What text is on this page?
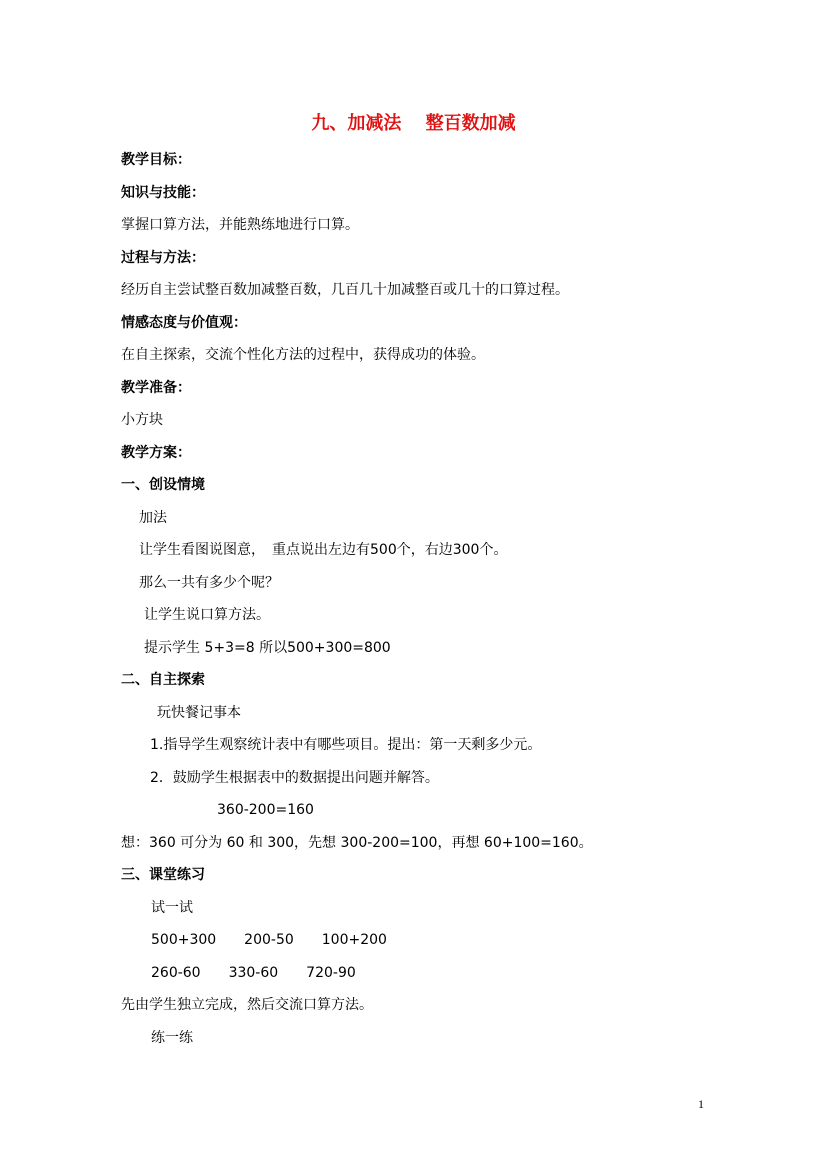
九、加减法　 整百数加减
教学目标：
知识与技能：
掌握口算方法，并能熟练地进行口算。
过程与方法：
经历自主尝试整百数加减整百数，几百几十加减整百或几十的口算过程。
情感态度与价值观：
在自主探索，交流个性化方法的过程中，获得成功的体验。
教学准备：
小方块
教学方案：
一、创设情境
加法
让学生看图说图意，　重点说出左边有500个，右边300个。
那么一共有多少个呢？
让学生说口算方法。
提示学生 5+3=8 所以500+300=800
二、自主探索
玩快餐记事本
1.指导学生观察统计表中有哪些项目。提出：第一天剩多少元。
2．鼓励学生根据表中的数据提出问题并解答。
360-200=160
想：360 可分为 60 和 300，先想 300-200=100，再想 60+100=160。
三、课堂练习
试一试
500+300　　200-50　　100+200
260-60　　330-60　　720-90
先由学生独立完成，然后交流口算方法。
练一练
1
